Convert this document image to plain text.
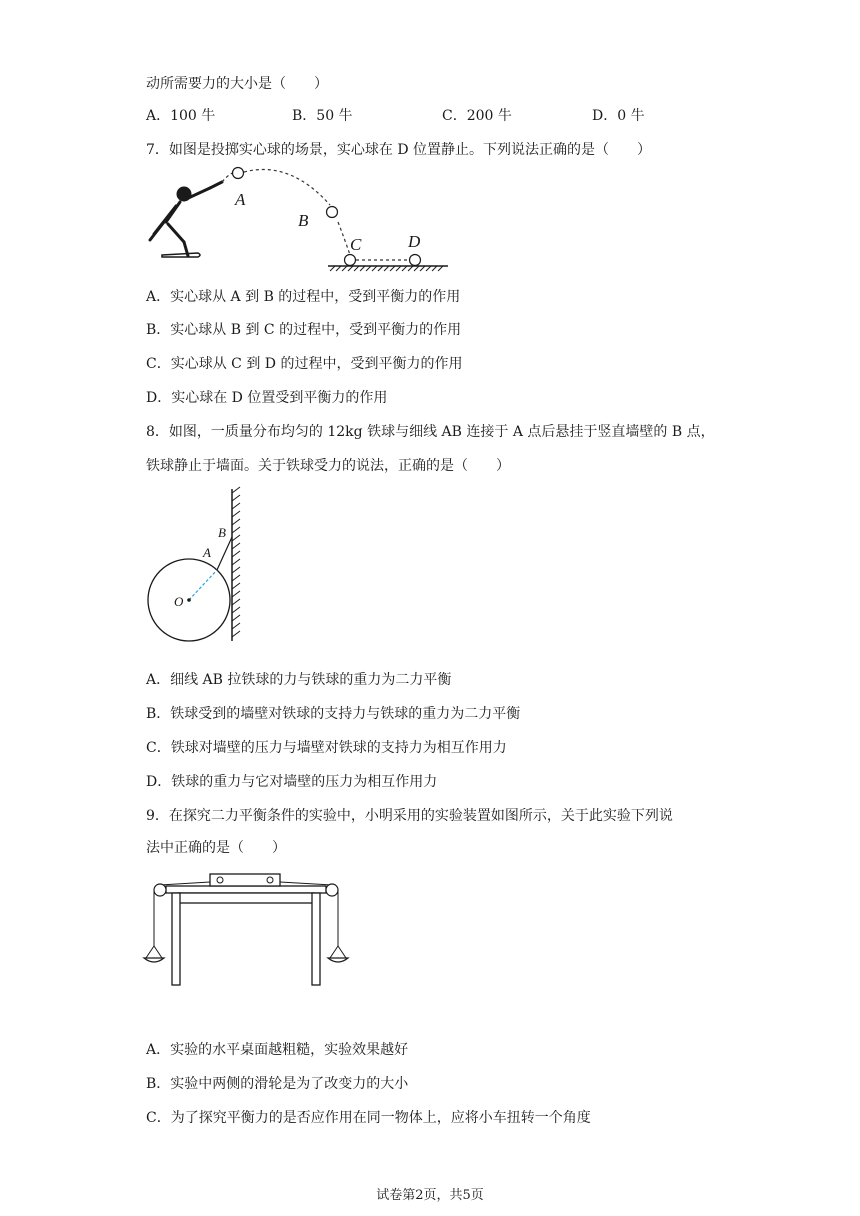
动所需要力的大小是（　　）
A．100 牛	B．50 牛	C．200 牛	D．0 牛
7．如图是投掷实心球的场景，实心球在 D 位置静止。下列说法正确的是（　　）
A
B
C	D
A．实心球从 A 到 B 的过程中，受到平衡力的作用
B．实心球从 B 到 C 的过程中，受到平衡力的作用
C．实心球从 C 到 D 的过程中，受到平衡力的作用
D．实心球在 D 位置受到平衡力的作用
8．如图，一质量分布均匀的 12kg 铁球与细线 AB 连接于 A 点后悬挂于竖直墙壁的 B 点，
铁球静止于墙面。关于铁球受力的说法，正确的是（　　）
B
A
O
A．细线 AB 拉铁球的力与铁球的重力为二力平衡
B．铁球受到的墙壁对铁球的支持力与铁球的重力为二力平衡
C．铁球对墙壁的压力与墙壁对铁球的支持力为相互作用力
D．铁球的重力与它对墙壁的压力为相互作用力
9．在探究二力平衡条件的实验中，小明采用的实验装置如图所示，关于此实验下列说
法中正确的是（　　）
A．实验的水平桌面越粗糙，实验效果越好
B．实验中两侧的滑轮是为了改变力的大小
C．为了探究平衡力的是否应作用在同一物体上，应将小车扭转一个角度
试卷第2页，共5页
